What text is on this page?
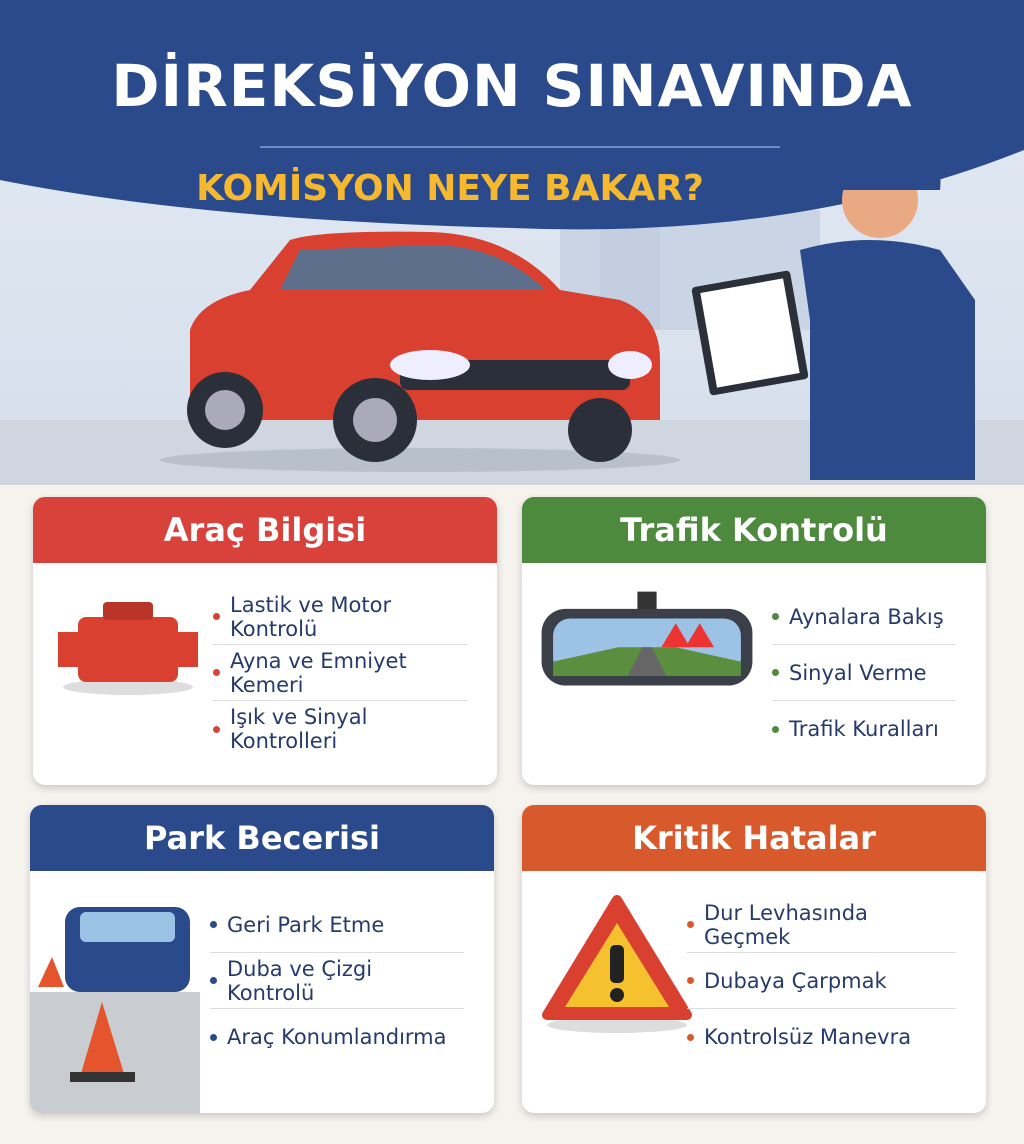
DİREKSİYON SINAVINDA
KOMİSYON NEYE BAKAR?
Araç Bilgisi
Lastik ve Motor Kontrolü
Ayna ve Emniyet Kemeri
Işık ve Sinyal Kontrolleri
Trafik Kontrolü
Aynalara Bakış
Sinyal Verme
Trafik Kuralları
Park Becerisi
Geri Park Etme
Duba ve Çizgi Kontrolü
Araç Konumlandırma
Kritik Hatalar
Dur Levhasında Geçmek
Dubaya Çarpmak
Kontrolsüz Manevra
